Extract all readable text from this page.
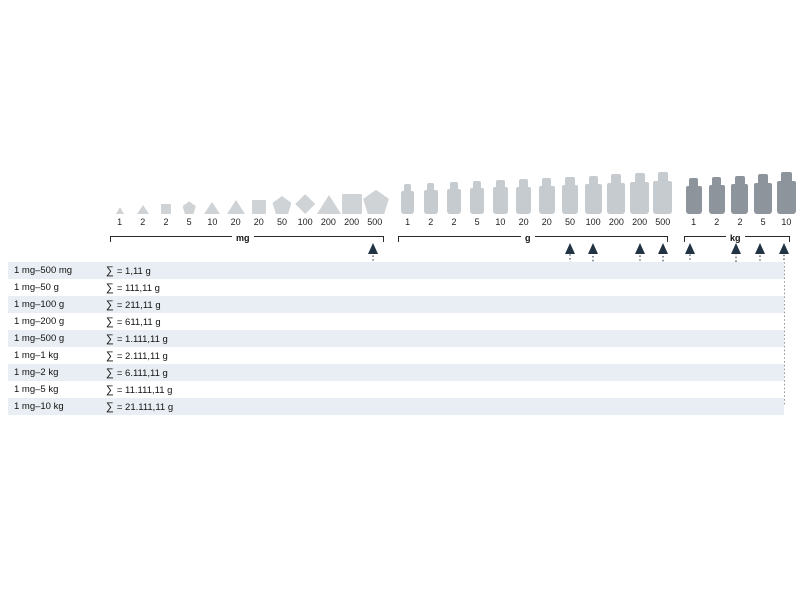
1	2	2	5	10	20	20	50	100 200 200 500	1	2	2	5	10	20	20	50	100 200 200 500	1	2	2	5	10
mg	g	kg
1 mg–500 mg	∑ = 1,11 g
1 mg–50 g	∑ = 111,11 g
1 mg–100 g	∑ = 211,11 g
1 mg–200 g	∑ = 611,11 g
1 mg–500 g	∑ = 1.111,11 g
1 mg–1 kg	∑ = 2.111,11 g
1 mg–2 kg	∑ = 6.111,11 g
1 mg–5 kg	∑ = 11.111,11 g
1 mg–10 kg	∑ = 21.111,11 g
